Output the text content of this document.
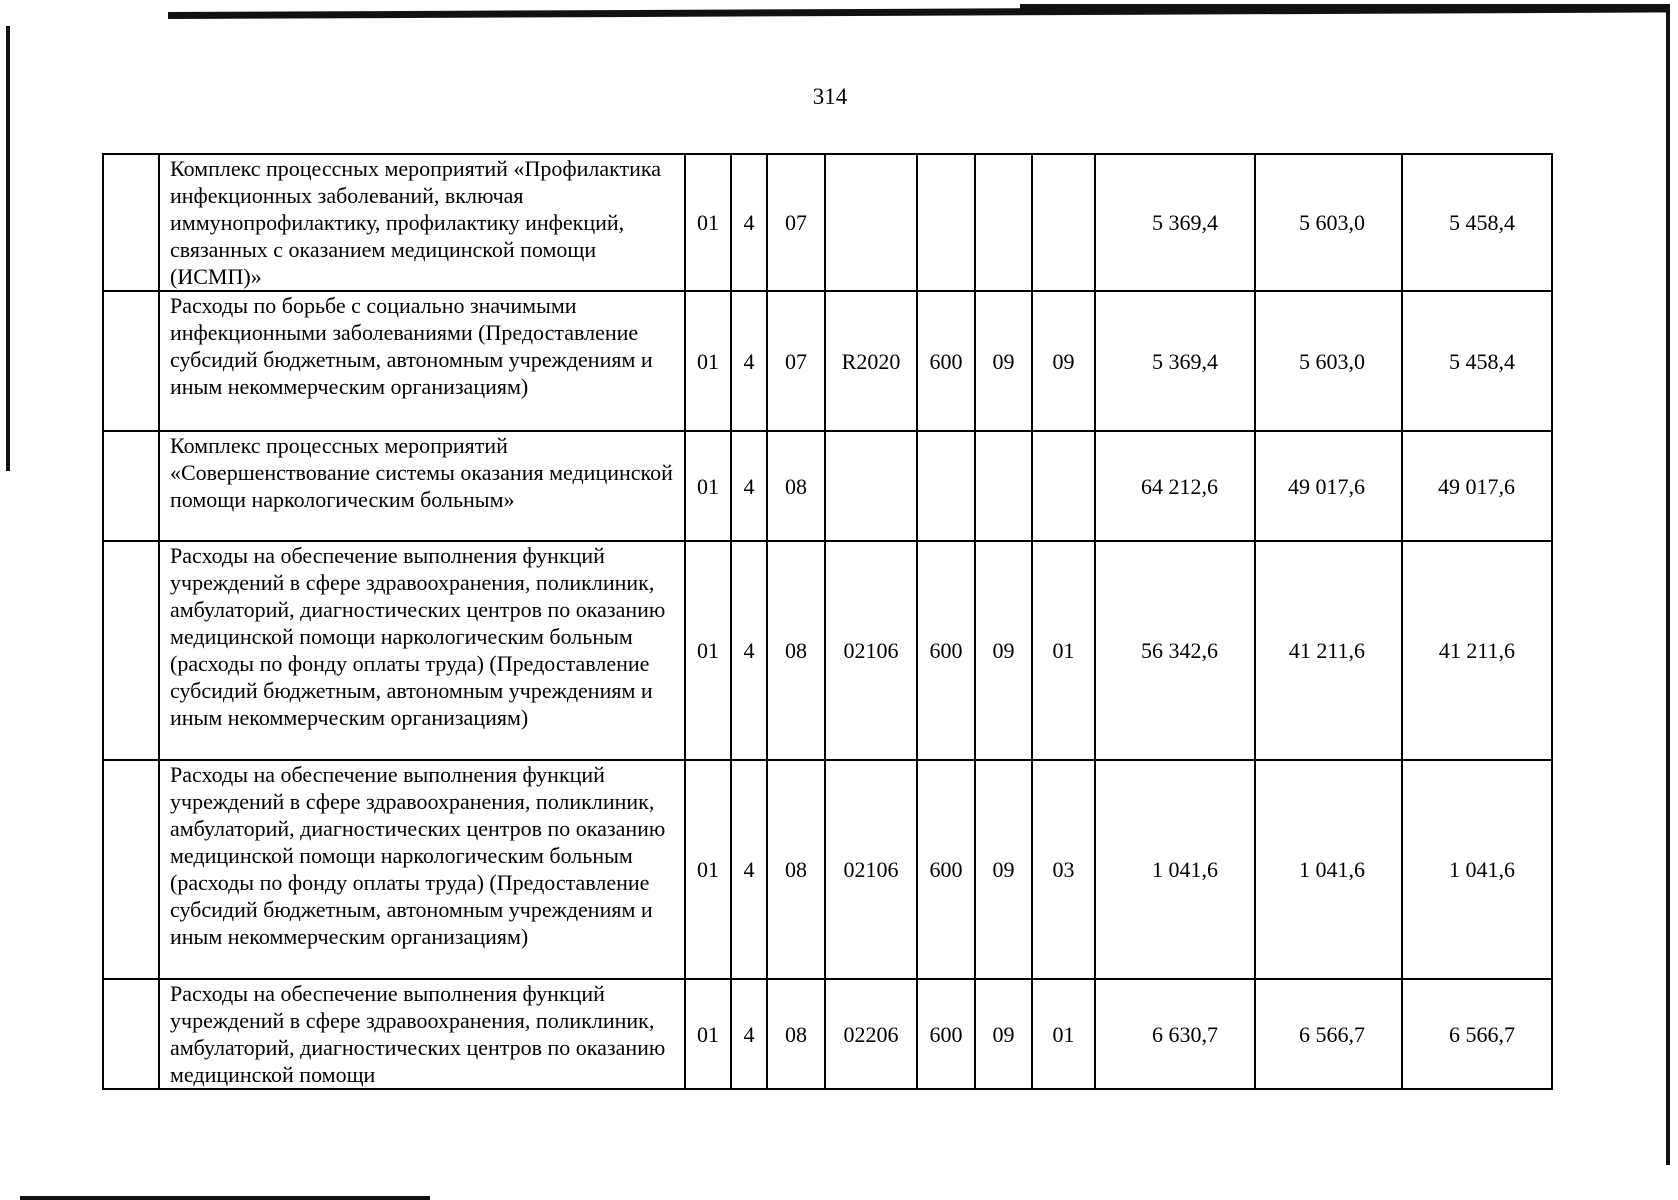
314
	Комплекс процессных мероприятий «Профилактика инфекционных заболеваний, включая иммунопрофилактику, профилактику инфекций, связанных с оказанием медицинской помощи (ИСМП)»	01	4	07					5 369,4	5 603,0	5 458,4
	Расходы по борьбе с социально значимыми инфекционными заболеваниями (Предоставление субсидий бюджетным, автономным учреждениям и иным некоммерческим организациям)	01	4	07	R2020	600	09	09	5 369,4	5 603,0	5 458,4
	Комплекс процессных мероприятий «Совершенствование системы оказания медицинской помощи наркологическим больным»	01	4	08					64 212,6	49 017,6	49 017,6
	Расходы на обеспечение выполнения функций учреждений в сфере здравоохранения, поликлиник, амбулаторий, диагностических центров по оказанию медицинской помощи наркологическим больным (расходы по фонду оплаты труда) (Предоставление субсидий бюджетным, автономным учреждениям и иным некоммерческим организациям)	01	4	08	02106	600	09	01	56 342,6	41 211,6	41 211,6
	Расходы на обеспечение выполнения функций учреждений в сфере здравоохранения, поликлиник, амбулаторий, диагностических центров по оказанию медицинской помощи наркологическим больным (расходы по фонду оплаты труда) (Предоставление субсидий бюджетным, автономным учреждениям и иным некоммерческим организациям)	01	4	08	02106	600	09	03	1 041,6	1 041,6	1 041,6
	Расходы на обеспечение выполнения функций учреждений в сфере здравоохранения, поликлиник, амбулаторий, диагностических центров по оказанию медицинской помощи	01	4	08	02206	600	09	01	6 630,7	6 566,7	6 566,7
